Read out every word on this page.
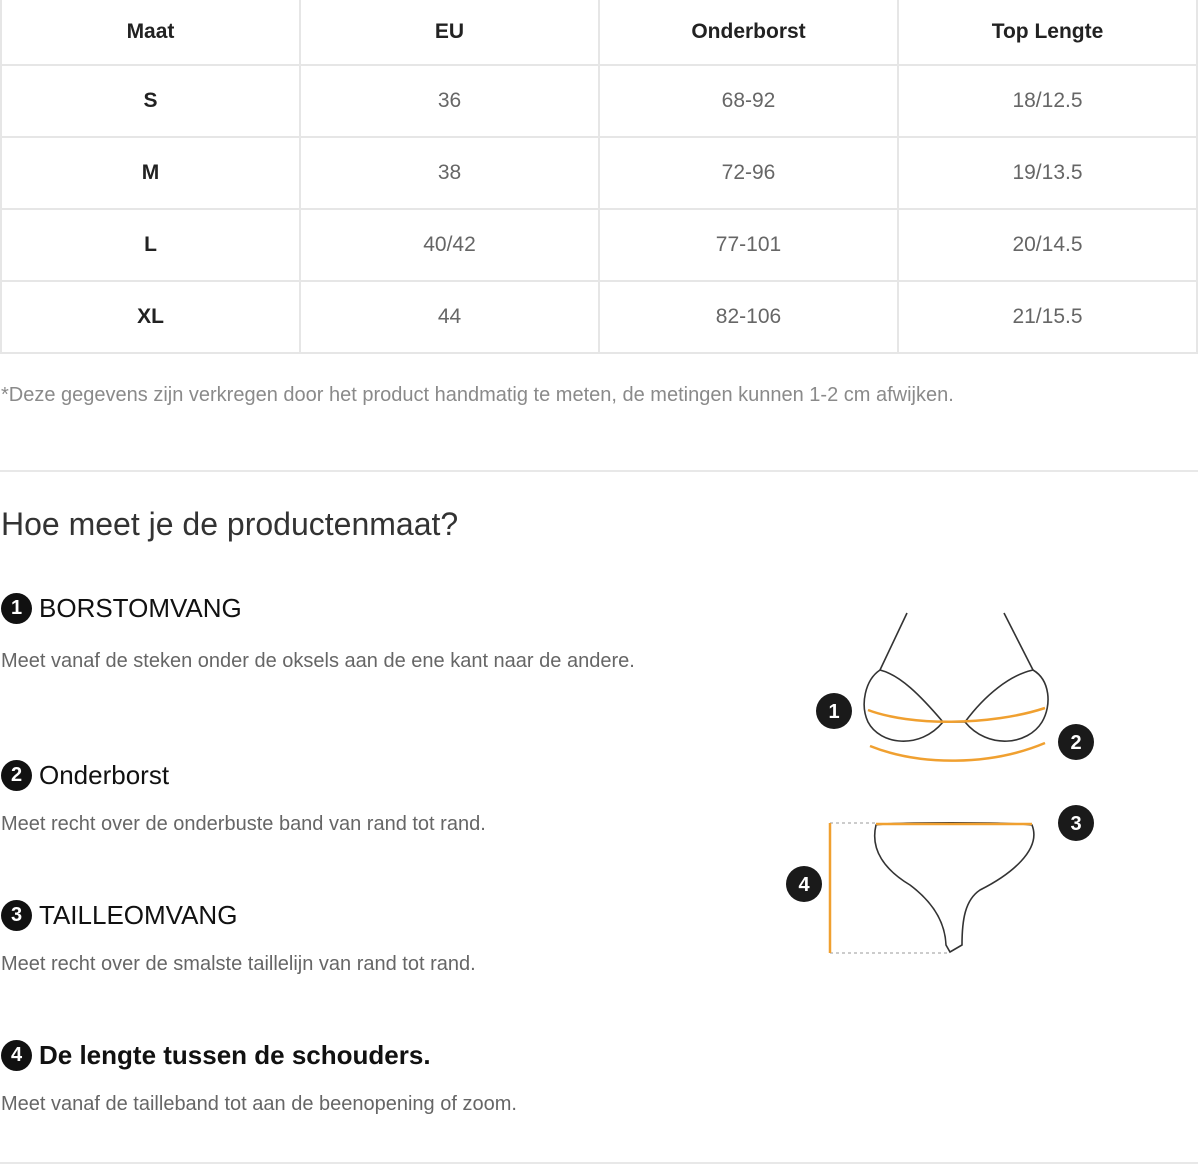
Maat	EU	Onderborst	Top Lengte
S	36	68-92	18/12.5
M	38	72-96	19/13.5
L	40/42	77-101	20/14.5
XL	44	82-106	21/15.5
*Deze gegevens zijn verkregen door het product handmatig te meten, de metingen kunnen 1-2 cm afwijken.
Hoe meet je de productenmaat?
1 BORSTOMVANG
Meet vanaf de steken onder de oksels aan de ene kant naar de andere.
2 Onderborst
Meet recht over de onderbuste band van rand tot rand.
3 TAILLEOMVANG
Meet recht over de smalste taillelijn van rand tot rand.
4 De lengte tussen de schouders.
Meet vanaf de tailleband tot aan de beenopening of zoom.
1
2
3
4
